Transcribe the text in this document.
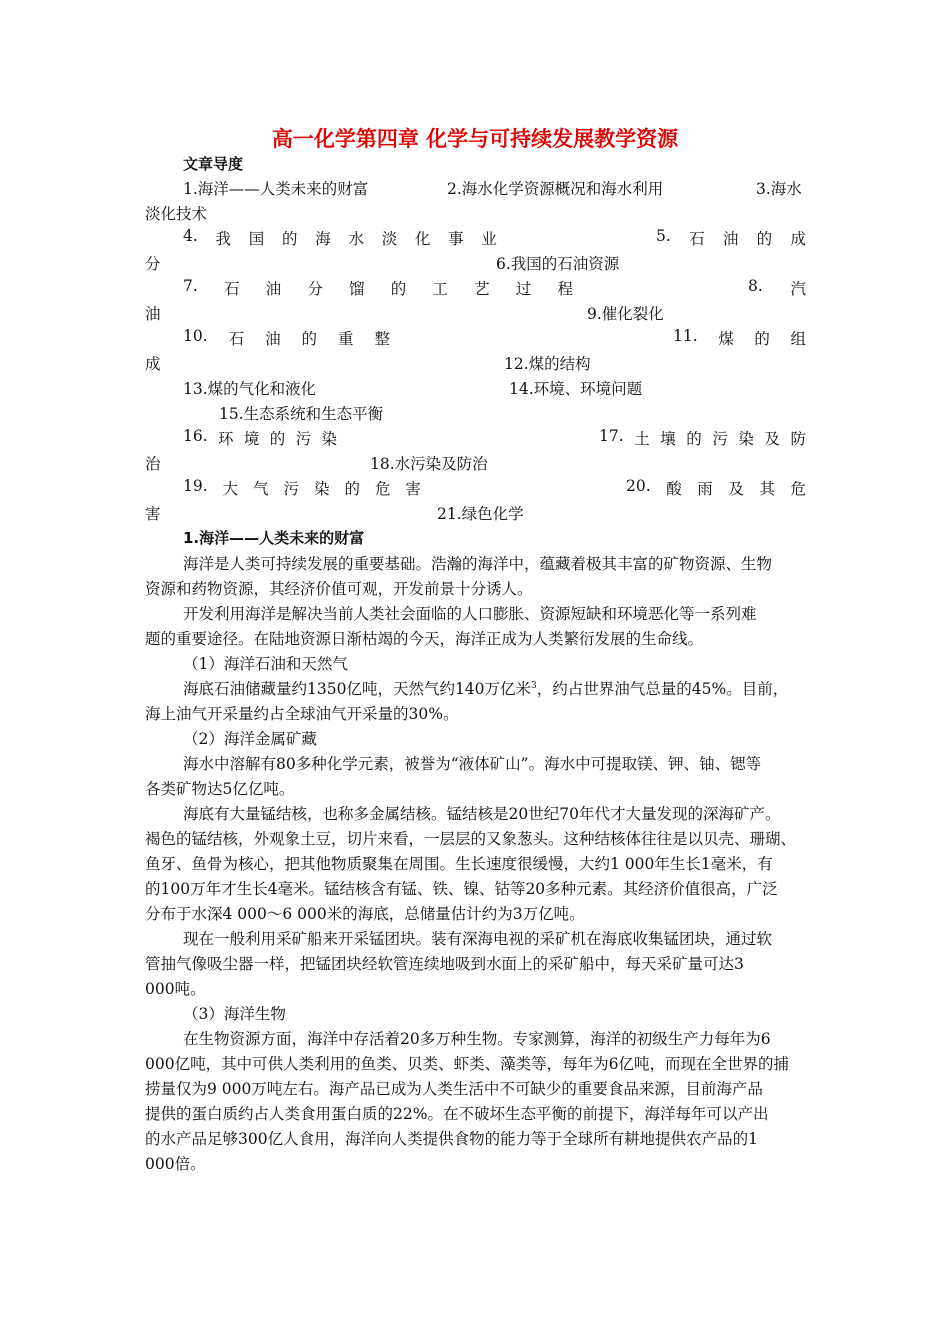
高一化学第四章 化学与可持续发展教学资源
文章导度
1.海洋——人类未来的财富	2.海水化学资源概况和海水利用	3.海水
淡化技术
4. 我 国 的 海 水 淡 化 事 业	5. 石 油 的 成
分	6.我国的石油资源
7. 石 油 分 馏 的 工 艺 过 程	8. 汽
油	9.催化裂化
10. 石 油 的 重 整	11. 煤 的 组
成	12.煤的结构
13.煤的气化和液化	14.环境、环境问题
15.生态系统和生态平衡
16. 环 境 的 污 染	17. 土 壤 的 污 染 及 防
治	18.水污染及防治
19. 大 气 污 染 的 危 害	20. 酸 雨 及 其 危
害	21.绿色化学
1.海洋——人类未来的财富
海洋是人类可持续发展的重要基础。浩瀚的海洋中，蕴藏着极其丰富的矿物资源、生物
资源和药物资源，其经济价值可观，开发前景十分诱人。
开发利用海洋是解决当前人类社会面临的人口膨胀、资源短缺和环境恶化等一系列难
题的重要途径。在陆地资源日渐枯竭的今天，海洋正成为人类繁衍发展的生命线。
（1）海洋石油和天然气
海底石油储藏量约1350亿吨，天然气约140万亿米$^3$，约占世界油气总量的45%。目前，
海上油气开采量约占全球油气开采量的30%。
（2）海洋金属矿藏
海水中溶解有80多种化学元素，被誉为“液体矿山”。海水中可提取镁、钾、铀、锶等
各类矿物达5亿亿吨。
海底有大量锰结核，也称多金属结核。锰结核是20世纪70年代才大量发现的深海矿产。
褐色的锰结核，外观象土豆，切片来看，一层层的又象葱头。这种结核体往往是以贝壳、珊瑚、
鱼牙、鱼骨为核心，把其他物质聚集在周围。生长速度很缓慢，大约1 000年生长1毫米，有
的100万年才生长4毫米。锰结核含有锰、铁、镍、钴等20多种元素。其经济价值很高，广泛
分布于水深4 000～6 000米的海底，总储量估计约为3万亿吨。
现在一般利用采矿船来开采锰团块。装有深海电视的采矿机在海底收集锰团块，通过软
管抽气像吸尘器一样，把锰团块经软管连续地吸到水面上的采矿船中，每天采矿量可达3
000吨。
（3）海洋生物
在生物资源方面，海洋中存活着20多万种生物。专家测算，海洋的初级生产力每年为6
000亿吨，其中可供人类利用的鱼类、贝类、虾类、藻类等，每年为6亿吨，而现在全世界的捕
捞量仅为9 000万吨左右。海产品已成为人类生活中不可缺少的重要食品来源，目前海产品
提供的蛋白质约占人类食用蛋白质的22%。在不破坏生态平衡的前提下，海洋每年可以产出
的水产品足够300亿人食用，海洋向人类提供食物的能力等于全球所有耕地提供农产品的1
000倍。
